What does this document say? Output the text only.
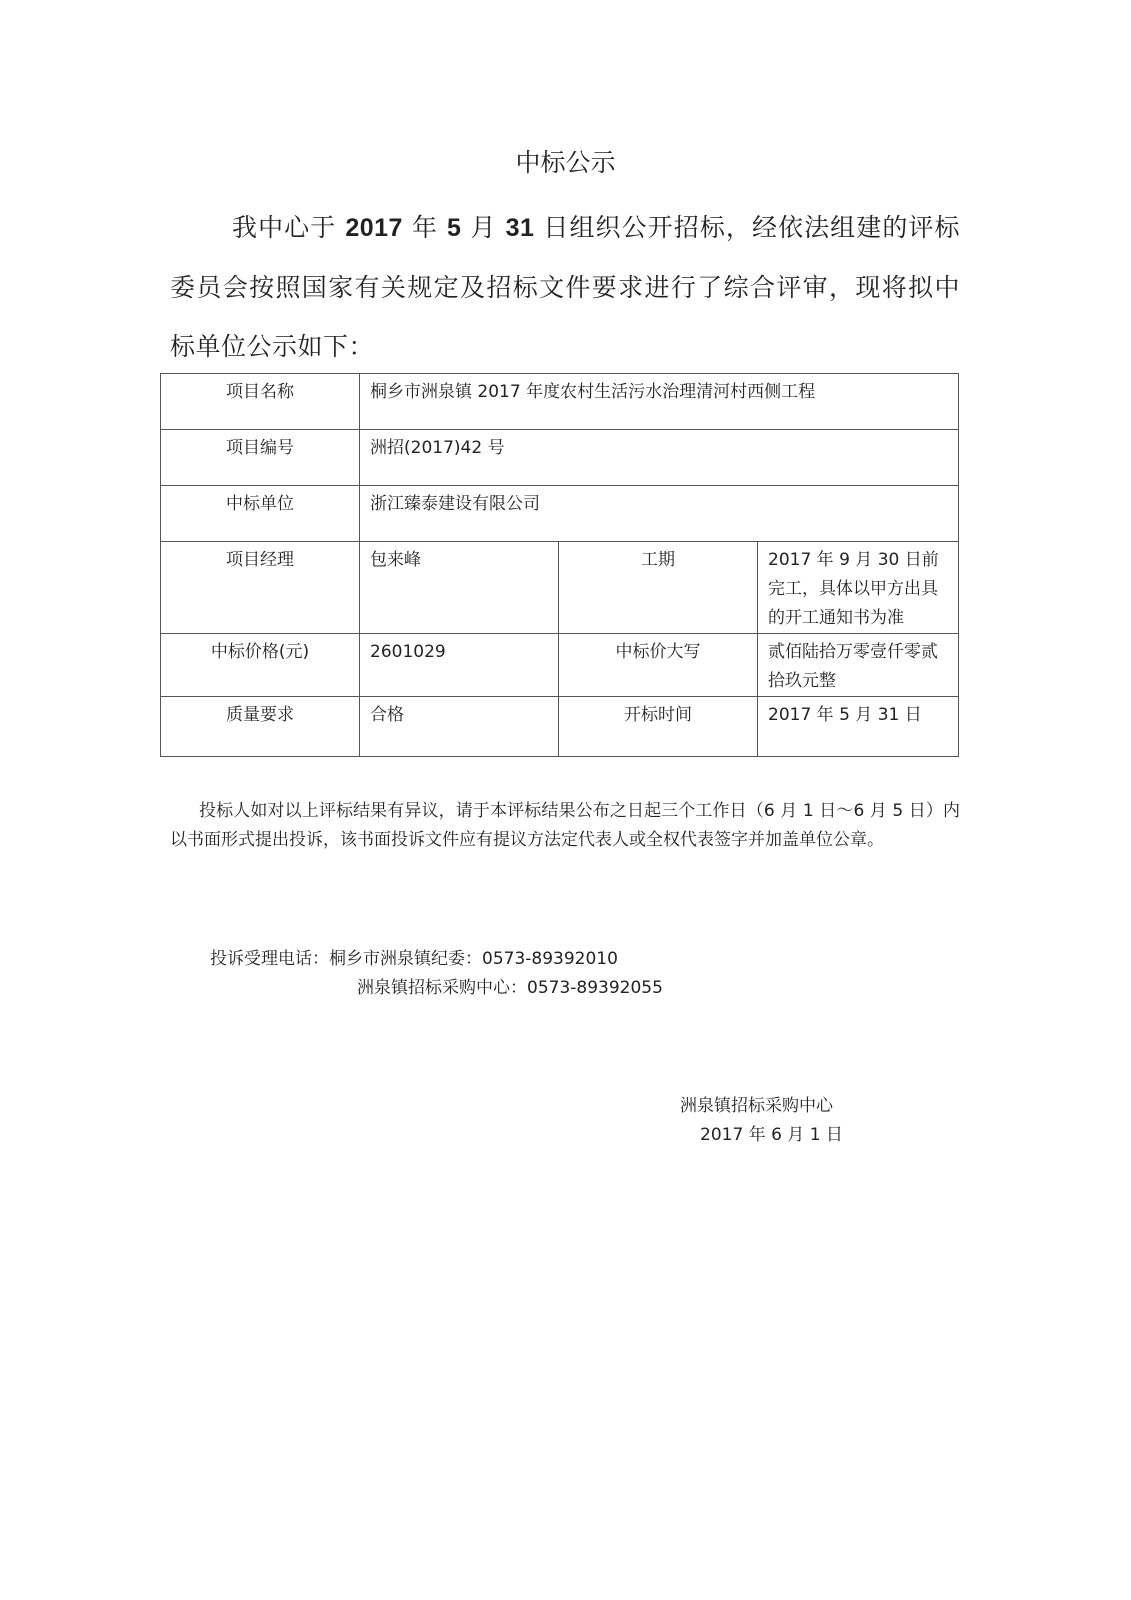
中标公示
我中心于 2017 年 5 月 31 日组织公开招标，经依法组建的评标委员会按照国家有关规定及招标文件要求进行了综合评审，现将拟中标单位公示如下：
项目名称	桐乡市洲泉镇 2017 年度农村生活污水治理清河村西侧工程		
项目编号	洲招(2017)42 号		
中标单位	浙江臻泰建设有限公司		
项目经理	包来峰	工期	2017 年 9 月 30 日前完工，具体以甲方出具的开工通知书为准
中标价格(元)	2601029	中标价大写	贰佰陆拾万零壹仟零贰拾玖元整
质量要求	合格	开标时间	2017 年 5 月 31 日
投标人如对以上评标结果有异议，请于本评标结果公布之日起三个工作日（6 月 1 日～6 月 5 日）内以书面形式提出投诉，该书面投诉文件应有提议方法定代表人或全权代表签字并加盖单位公章。
投诉受理电话：桐乡市洲泉镇纪委：0573-89392010
洲泉镇招标采购中心：0573-89392055
洲泉镇招标采购中心
2017 年 6 月 1 日
